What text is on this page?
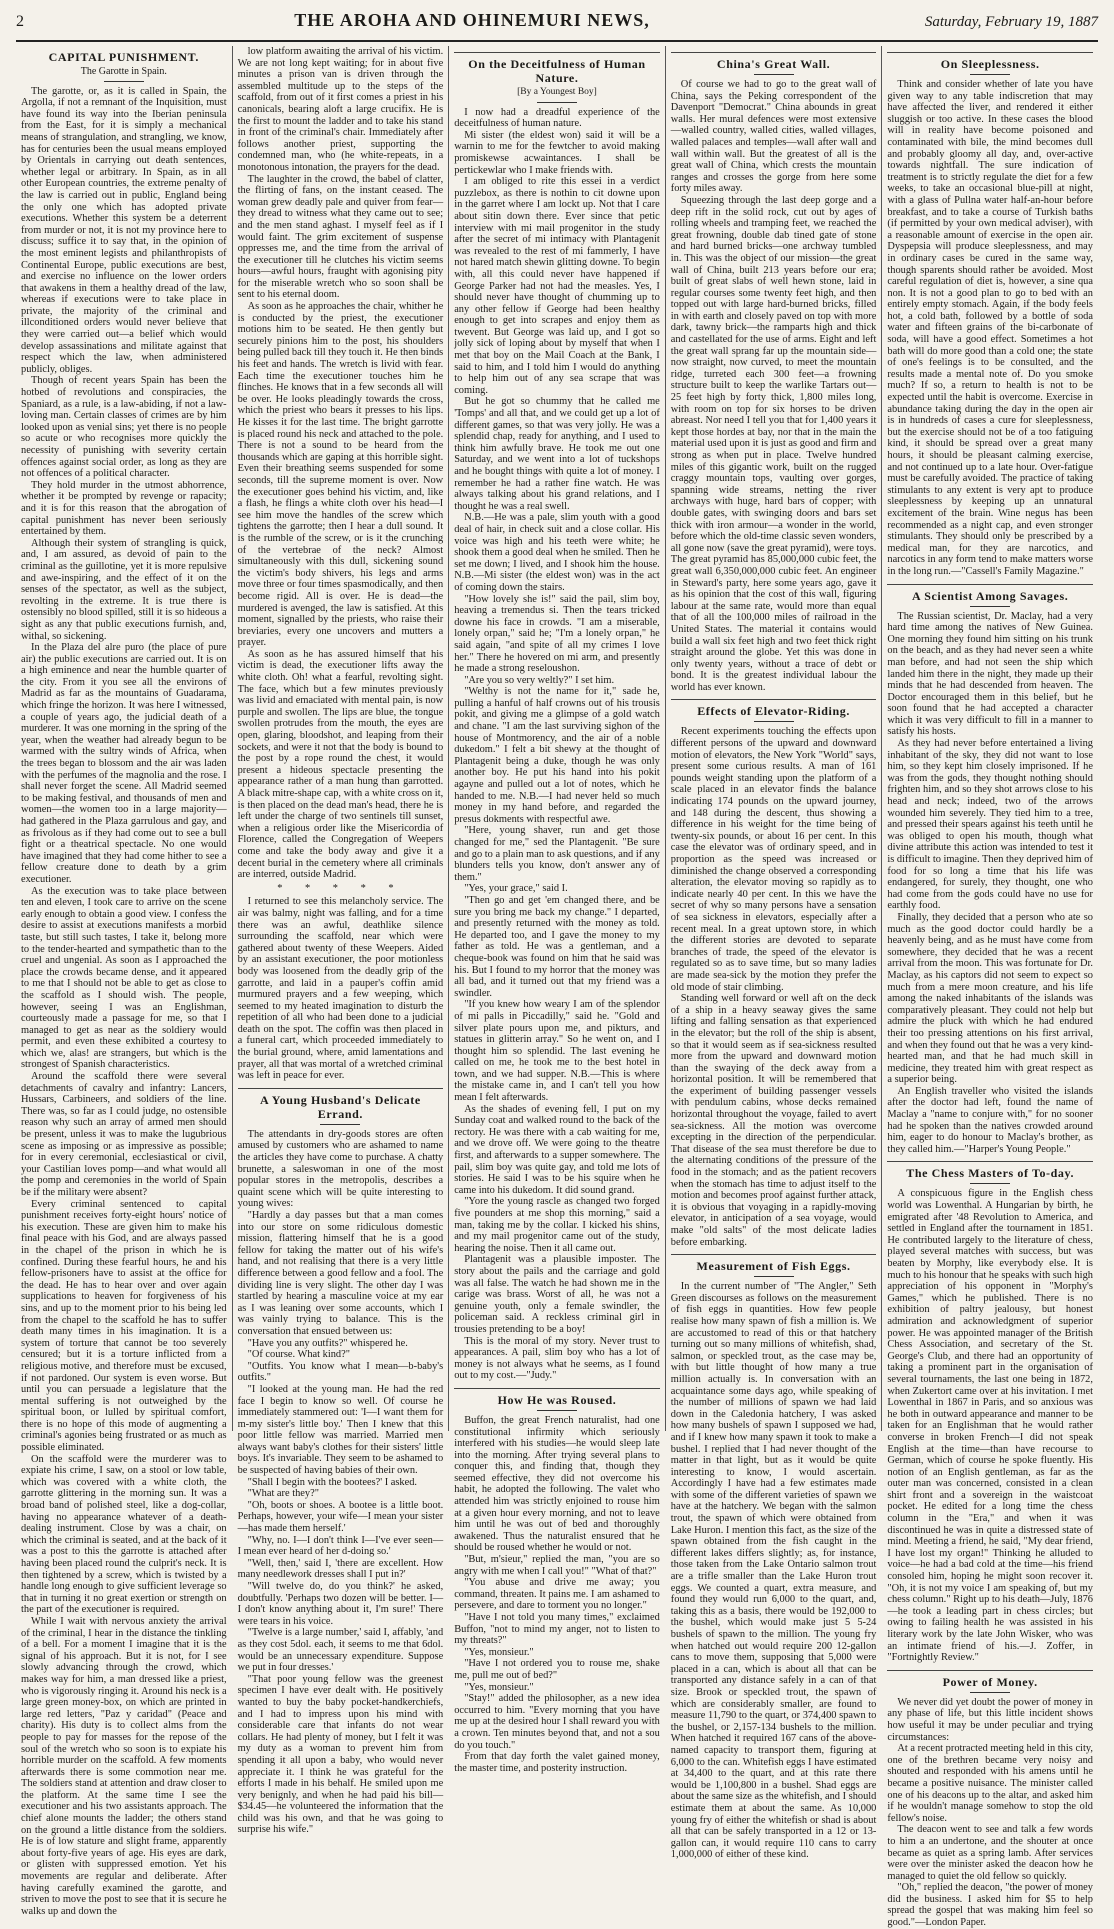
2	THE AROHA AND OHINEMURI NEWS,	Saturday, February 19, 1887
CAPITAL PUNISHMENT.
The Garotte in Spain.

The garotte, or, as it is called in Spain, the Argolla, if not a remnant of the Inquisition, must have found its way into the Iberian peninsula from the East, for it is simply a mechanical means of strangulation, and strangling, we know, has for centuries been the usual means employed by Orientals in carrying out death sentences, whether legal or arbitrary. In Spain, as in all other European countries, the extreme penalty of the law is carried out in public, England being the only one which has adopted private executions. Whether this system be a deterrent from murder or not, it is not my province here to discuss; suffice it to say that, in the opinion of the most eminent legists and philanthropists of Continental Europe, public executions are best, and exercise no influence on the lower orders that awakens in them a healthy dread of the law, whereas if executions were to take place in private, the majority of the criminal and illconditioned orders would never believe that they were carried out—a belief which would develop assassinations and militate against that respect which the law, when administered publicly, obliges.

Though of recent years Spain has been the hotbed of revolutions and conspiracies, the Spaniard, as a rule, is a law-abiding, if not a law-loving man. Certain classes of crimes are by him looked upon as venial sins; yet there is no people so acute or who recognises more quickly the necessity of punishing with severity certain offences against social order, as long as they are not offences of a political character.

They hold murder in the utmost abhorrence, whether it be prompted by revenge or rapacity; and it is for this reason that the abrogation of capital punishment has never been seriously entertained by them.

Although their system of strangling is quick, and, I am assured, as devoid of pain to the criminal as the guillotine, yet it is more repulsive and awe-inspiring, and the effect of it on the senses of the spectator, as well as the subject, revolting in the extreme. It is true there is ostensibly no blood spilled, still it is so hideous a sight as any that public executions furnish, and, withal, so sickening.

In the Plaza del alre puro (the place of pure air) the public executions are carried out. It is on a high eminence and near the humble quarter of the city. From it you see all the environs of Madrid as far as the mountains of Guadarama, which fringe the horizon. It was here I witnessed, a couple of years ago, the judicial death of a murderer. It was one morning in the spring of the year, when the weather had already begun to be warmed with the sultry winds of Africa, when the trees began to blossom and the air was laden with the perfumes of the magnolia and the rose. I shall never forget the scene. All Madrid seemed to be making festival, and thousands of men and women—the women too in a large majority—had gathered in the Plaza garrulous and gay, and as frivolous as if they had come out to see a bull fight or a theatrical spectacle. No one would have imagined that they had come hither to see a fellow creature done to death by a grim executioner.

As the execution was to take place between ten and eleven, I took care to arrive on the scene early enough to obtain a good view. I confess the desire to assist at executions manifests a morbid taste, but still such tastes, I take it, belong more to the tender-hearted and sympathetic than to the cruel and ungenial. As soon as I approached the place the crowds became dense, and it appeared to me that I should not be able to get as close to the scaffold as I should wish. The people, however, seeing I was an Englishman, courteously made a passage for me, so that I managed to get as near as the soldiery would permit, and even these exhibited a courtesy to which we, alas! are strangers, but which is the strongest of Spanish characteristics.

Around the scaffold there were several detachments of cavalry and infantry: Lancers, Hussars, Carbineers, and soldiers of the line. There was, so far as I could judge, no ostensible reason why such an array of armed men should be present, unless it was to make the lugubrious scene as imposing or as impressive as possible; for in every ceremonial, ecclesiastical or civil, your Castilian loves pomp—and what would all the pomp and ceremonies in the world of Spain be if the military were absent?

Every criminal sentenced to capital punishment receives forty-eight hours' notice of his execution. These are given him to make his final peace with his God, and are always passed in the chapel of the prison in which he is confined. During these fearful hours, he and his fellow-prisoners have to assist at the office for the dead. He has to hear over and over again supplications to heaven for forgiveness of his sins, and up to the moment prior to his being led from the chapel to the scaffold he has to suffer death many times in his imagination. It is a system of torture that cannot be too severely censured; but it is a torture inflicted from a religious motive, and therefore must be excused, if not pardoned. Our system is even worse. But until you can persuade a legislature that the mental suffering is not outweighed by the spiritual boon, or lulled by spiritual comfort, there is no hope of this mode of augmenting a criminal's agonies being frustrated or as much as possible eliminated.

On the scaffold were the murderer was to expiate his crime, I saw, on a stool or low table, which was covered with a white cloth, the garrotte glittering in the morning sun. It was a broad band of polished steel, like a dog-collar, having no appearance whatever of a death-dealing instrument. Close by was a chair, on which the criminal is seated, and at the back of it was a post to this the garrotte is attached after having been placed round the culprit's neck. It is then tightened by a screw, which is twisted by a handle long enough to give sufficient leverage so that in turning it no great exertion or strength on the part of the executioner is required.

While I wait with nervous anxiety the arrival of the criminal, I hear in the distance the tinkling of a bell. For a moment I imagine that it is the signal of his approach. But it is not, for I see slowly advancing through the crowd, which makes way for him, a man dressed like a priest, who is vigorously ringing it. Around his neck is a large green money-box, on which are printed in large red letters, "Paz y caridad" (Peace and charity). His duty is to collect alms from the people to pay for masses for the repose of the soul of the wretch who so soon is to expiate his horrible murder on the scaffold. A few moments afterwards there is some commotion near me. The soldiers stand at attention and draw closer to the platform. At the same time I see the executioner and his two assistants approach. The chief alone mounts the ladder; the others stand on the ground a little distance from the soldiers. He is of low stature and slight frame, apparently about forty-five years of age. His eyes are dark, or glisten with suppressed emotion. Yet his movements are regular and deliberate. After having carefully examined the garotte, and striven to move the post to see that it is secure he walks up and down the

low platform awaiting the arrival of his victim. We are not long kept waiting; for in about five minutes a prison van is driven through the assembled multitude up to the steps of the scaffold, from out of it first comes a priest in his canonicals, bearing aloft a large crucifix. He is the first to mount the ladder and to take his stand in front of the criminal's chair. Immediately after follows another priest, supporting the condemned man, who (he white-repeats, in a monotonous intonation, the prayers for the dead.

The laughter in the crowd, the babel of clatter, the flirting of fans, on the instant ceased. The woman grew deadly pale and quiver from fear—they dread to witness what they came out to see; and the men stand aghast. I myself feel as if I would faint. The grim excitement of suspense oppresses me, and the time from the arrival of the executioner till he clutches his victim seems hours—awful hours, fraught with agonising pity for the miserable wretch who so soon shall be sent to his eternal doom.

As soon as he approaches the chair, whither he is conducted by the priest, the executioner motions him to be seated. He then gently but securely pinions him to the post, his shoulders being pulled back till they touch it. He then binds his feet and hands. The wretch is livid with fear. Each time the executioner touches him he flinches. He knows that in a few seconds all will be over. He looks pleadingly towards the cross, which the priest who bears it presses to his lips. He kisses it for the last time. The bright garrotte is placed round his neck and attached to the pole. There is not a sound to be heard from the thousands which are gaping at this horrible sight. Even their breathing seems suspended for some seconds, till the supreme moment is over. Now the executioner goes behind his victim, and, like a flash, he flings a white cloth over his head—I see him move the handles of the screw which tightens the garrotte; then I hear a dull sound. It is the rumble of the screw, or is it the crunching of the vertebrae of the neck? Almost simultaneously with this dull, sickening sound the victim's body shivers, his legs and arms move three or four times spasmodically, and then become rigid. All is over. He is dead—the murdered is avenged, the law is satisfied. At this moment, signalled by the priests, who raise their breviaries, every one uncovers and mutters a prayer.

As soon as he has assured himself that his victim is dead, the executioner lifts away the white cloth. Oh! what a fearful, revolting sight. The face, which but a few minutes previously was livid and emaciated with mental pain, is now purple and swollen. The lips are blue, the tongue swollen protrudes from the mouth, the eyes are open, glaring, bloodshot, and leaping from their sockets, and were it not that the body is bound to the post by a rope round the chest, it would present a hideous spectacle presenting the appearance rather of a man hung than garrotted. A black mitre-shape cap, with a white cross on it, is then placed on the dead man's head, there he is left under the charge of two sentinels till sunset, when a religious order like the Misericordia of Florence, called the Congregation of Weepers come and take the body away and give it a decent burial in the cemetery where all criminals are interred, outside Madrid.

* * * * *

I returned to see this melancholy service. The air was balmy, night was falling, and for a time there was an awful, deathlike silence surrounding the scaffold, near which were gathered about twenty of these Weepers. Aided by an assistant executioner, the poor motionless body was loosened from the deadly grip of the garrotte, and laid in a pauper's coffin amid murmured prayers and a few weeping, which seemed to my heated imagination to disturb the repetition of all who had been done to a judicial death on the spot. The coffin was then placed in a funeral cart, which proceeded immediately to the burial ground, where, amid lamentations and prayer, all that was mortal of a wretched criminal was left in peace for ever.

A Young Husband's Delicate Errand.

The attendants in dry-goods stores are often amused by customers who are ashamed to name the articles they have come to purchase. A chatty brunette, a saleswoman in one of the most popular stores in the metropolis, describes a quaint scene which will be quite interesting to young wives:

"Hardly a day passes but that a man comes into our store on some ridiculous domestic mission, flattering himself that he is a good fellow for taking the matter out of his wife's hand, and not realising that there is a very little difference between a good fellow and a fool. The dividing line is very slight. The other day I was startled by hearing a masculine voice at my ear as I was leaning over some accounts, which I was vainly trying to balance. This is the conversation that ensued between us:

"Have you any outfits?" whispered he.

"Of course. What kind?"

"Outfits. You know what I mean—b-baby's outfits."

"I looked at the young man. He had the red face I begin to know so well. Of course he immediately stammered out: 'I—I want them for m-my sister's little boy.' Then I knew that this poor little fellow was married. Married men always want baby's clothes for their sisters' little boys. It's invariable. They seem to be ashamed to be suspected of having babies of their own.

"Shall I begin with the bootees?' I asked.

"What are they?"

"Oh, boots or shoes. A bootee is a little boot. Perhaps, however, your wife—I mean your sister—has made them herself.'

"Why, no. I—I don't think I—I've ever seen—I mean ever heard of her d-doing so.'

"Well, then,' said I, 'there are excellent. How many needlework dresses shall I put in?'

"Will twelve do, do you think?' he asked, doubtfully. 'Perhaps two dozen will be better. I—I don't know anything about it, I'm sure!' There were tears in his voice.

"Twelve is a large number,' said I, affably, 'and as they cost 5dol. each, it seems to me that 6dol. would be an unnecessary expenditure. Suppose we put in four dresses.'

"That poor young fellow was the greenest specimen I have ever dealt with. He positively wanted to buy the baby pocket-handkerchiefs, and I had to impress upon his mind with considerable care that infants do not wear collars. He had plenty of money, but I felt it was my duty as a woman to prevent him from spending it all upon a baby, who would never appreciate it. I think he was grateful for the efforts I made in his behalf. He smiled upon me very benignly, and when he had paid his bill—$34.45—he volunteered the information that the child was his own, and that he was going to surprise his wife."

On the Deceitfulness of Human Nature.
[By a Youngest Boy]

I now had a dreadful experience of the deceitfulness of human nature.

Mi sister (the eldest won) said it will be a warnin to me for the fewtcher to avoid making promiskewse acwaintances. I shall be pertickewlar who I make friends with.

I am obliged to rite this essei in a verdict puzzlebox, as there is nothin to cit downe upon in the garret where I am lockt up. Not that I care about sitin down there. Ever since that petic interview with mi mail progenitor in the study after the secret of mi intimacy with Plantagenit was revealed to the rest of mi fammerly, I have not hared match shewin glitting downe. To begin with, all this could never have happened if George Parker had not had the measles. Yes, I should never have thought of chumming up to any other fellow if George had been healthy enough to get into scrapes and enjoy them as twevent. But George was laid up, and I got so jolly sick of loping about by myself that when I met that boy on the Mail Coach at the Bank, I said to him, and I told him I would do anything to help him out of any sea scrape that was coming.

But he got so chummy that he called me 'Tomps' and all that, and we could get up a lot of different games, so that was very jolly. He was a splendid chap, ready for anything, and I used to think him awfully brave. He took me out one Saturday, and we went into a lot of tuckshops and he bought things with quite a lot of money. I remember he had a rather fine watch. He was always talking about his grand relations, and I thought he was a real swell.

N.B.—He was a pale, slim youth with a good deal of hair, in check suit and a close collar. His voice was high and his teeth were white; he shook them a good deal when he smiled. Then he set me down; I lived, and I shook him the house. N.B.—Mi sister (the eldest won) was in the act of coming down the stairs.

"How lovely she is!" said the pail, slim boy, heaving a tremendus si. Then the tears tricked downe his face in crowds. "I am a miserable, lonely orpan," said he; "I'm a lonely orpan," he said again, "and spite of all my crimes I love her." There he hovered on mi arm, and presently he made a strong reseloushon.

"Are you so very weltly?" I set him.

"Welthy is not the name for it," sade he, pulling a hanful of half crowns out of his trousis pokit, and giving me a glimpse of a gold watch and chane. "I am the last surviving sighon of the house of Montmorency, and the air of a noble dukedom." I felt a bit shewy at the thought of Plantagenit being a duke, though he was only another boy. He put his hand into his pokit agayne and pulled out a lot of notes, which he handed to me. N.B.—I had never held so much money in my hand before, and regarded the presus dokments with respectful awe.

"Here, young shaver, run and get those changed for me," sed the Plantagenit. "Be sure and go to a plain man to ask questions, and if any blunders tells you know, don't answer any of them."

"Yes, your grace," said I.

"Then go and get 'em changed there, and be sure you bring me back my change." I departed, and presently returned with the money as told. He departed too, and I gave the money to my father as told. He was a gentleman, and a cheque-book was found on him that he said was his. But I found to my horror that the money was all bad, and it turned out that my friend was a swindler.

"If you knew how weary I am of the splendor of mi palls in Piccadilly," said he. "Gold and silver plate pours upon me, and pikturs, and statues in glitterin array." So he went on, and I thought him so splendid. The last evening he called on me, he took me to the best hotel in town, and we had supper. N.B.—This is where the mistake came in, and I can't tell you how mean I felt afterwards.

As the shades of evening fell, I put on my Sunday coat and walked round to the back of the rectory. He was there with a cab waiting for me, and we drove off. We were going to the theatre first, and afterwards to a supper somewhere. The pail, slim boy was quite gay, and told me lots of stories. He said I was to be his squire when he came into his dukedom. It did sound grand.

"Yore the young rascle as changed two forged five pounders at me shop this morning," said a man, taking me by the collar. I kicked his shins, and my mail progenitor came out of the study, hearing the noise. Then it all came out.

Plantagenit was a plausible imposter. The story about the pails and the carriage and gold was all false. The watch he had shown me in the carige was brass. Worst of all, he was not a genuine youth, only a female swindler, the policeman said. A reckless criminal girl in trousies pretending to be a boy!

This is the moral of my story. Never trust to appearances. A pail, slim boy who has a lot of money is not always what he seems, as I found out to my cost.—"Judy."

How He was Roused.

Buffon, the great French naturalist, had one constitutional infirmity which seriously interfered with his studies—he would sleep late into the morning. After trying several plans to conquer this, and finding that, though they seemed effective, they did not overcome his habit, he adopted the following. The valet who attended him was strictly enjoined to rouse him at a given hour every morning, and not to leave him until he was out of bed and thoroughly awakened. Thus the naturalist ensured that he should be roused whether he would or not.

"But, m'sieur," replied the man, "you are so angry with me when I call you!" "What of that?"

"You abuse and drive me away; you command, threaten. It pains me. I am ashamed to persevere, and dare to torment you no longer."

"Have I not told you many times," exclaimed Buffon, "not to mind my anger, not to listen to my threats?"

"Yes, monsieur."

"Have I not ordered you to rouse me, shake me, pull me out of bed?"

"Yes, monsieur."

"Stay!" added the philosopher, as a new idea occurred to him. "Every morning that you have me up at the desired hour I shall reward you with a crown. Ten minutes beyond that, and not a sou do you touch."

From that day forth the valet gained money, the master time, and posterity instruction.

China's Great Wall.

Of course we had to go to the great wall of China, says the Peking correspondent of the Davenport "Democrat." China abounds in great walls. Her mural defences were most extensive—walled country, walled cities, walled villages, walled palaces and temples—wall after wall and wall within wall. But the greatest of all is the great wall of China, which crests the mountain ranges and crosses the gorge from here some forty miles away.

Squeezing through the last deep gorge and a deep rift in the solid rock, cut out by ages of rolling wheels and tramping feet, we reached the great frowning, double dab tined gate of stone and hard burned bricks—one archway tumbled in. This was the object of our mission—the great wall of China, built 213 years before our era; built of great slabs of well hewn stone, laid in regular courses some twenty feet high, and then topped out with large hard-burned bricks, filled in with earth and closely paved on top with more dark, tawny brick—the ramparts high and thick and castellated for the use of arms. Eight and left the great wall sprang far up the mountain side—now straight, now curved, to meet the mountain ridge, turreted each 300 feet—a frowning structure built to keep the warlike Tartars out—25 feet high by forty thick, 1,800 miles long, with room on top for six horses to be driven abreast. Nor need I tell you that for 1,400 years it kept those hordes at bay, nor that in the main the material used upon it is just as good and firm and strong as when put in place. Twelve hundred miles of this gigantic work, built on the rugged craggy mountain tops, vaulting over gorges, spanning wide streams, netting the river archways with huge, hard bars of copper; with double gates, with swinging doors and bars set thick with iron armour—a wonder in the world, before which the old-time classic seven wonders, all gone now (save the great pyramid), were toys. The great pyramid has 85,000,000 cubic feet, the great wall 6,350,000,000 cubic feet. An engineer in Steward's party, here some years ago, gave it as his opinion that the cost of this wall, figuring labour at the same rate, would more than equal that of all the 100,000 miles of railroad in the United States. The material it contains would build a wall six feet high and two feet thick right straight around the globe. Yet this was done in only twenty years, without a trace of debt or bond. It is the greatest individual labour the world has ever known.

Effects of Elevator-Riding.

Recent experiments touching the effects upon different persons of the upward and downward motion of elevators, the New York "World" says, present some curious results. A man of 161 pounds weight standing upon the platform of a scale placed in an elevator finds the balance indicating 174 pounds on the upward journey, and 148 during the descent, thus showing a difference in his weight for the time being of twenty-six pounds, or about 16 per cent. In this case the elevator was of ordinary speed, and in proportion as the speed was increased or diminished the change observed a corresponding alteration, the elevator moving so rapidly as to indicate nearly 40 per cent. In this we have the secret of why so many persons have a sensation of sea sickness in elevators, especially after a recent meal. In a great uptown store, in which the different stories are devoted to separate branches of trade, the speed of the elevator is regulated so as to save time, but so many ladies are made sea-sick by the motion they prefer the old mode of stair climbing.

Standing well forward or well aft on the deck of a ship in a heavy seaway gives the same lifting and falling sensation as that experienced in the elevator; but the roll of the ship is absent, so that it would seem as if sea-sickness resulted more from the upward and downward motion than the swaying of the deck away from a horizontal position. It will be remembered that the experiment of building passenger vessels with pendulum cabins, whose decks remained horizontal throughout the voyage, failed to avert sea-sickness. All the motion was overcome excepting in the direction of the perpendicular. That disease of the sea must therefore be due to the alternating conditions of the pressure of the food in the stomach; and as the patient recovers when the stomach has time to adjust itself to the motion and becomes proof against further attack, it is obvious that voyaging in a rapidly-moving elevator, in anticipation of a sea voyage, would make "old salts" of the most delicate ladies before embarking.

Measurement of Fish Eggs.

In the current number of "The Angler," Seth Green discourses as follows on the measurement of fish eggs in quantities. How few people realise how many spawn of fish a million is. We are accustomed to read of this or that hatchery turning out so many millions of whitefish, shad, salmon, or speckled trout, as the case may be, with but little thought of how many a true million actually is. In conversation with an acquaintance some days ago, while speaking of the number of millions of spawn we had laid down in the Caledonia hatchery, I was asked how many bushels of spawn I supposed we had, and if I knew how many spawn it took to make a bushel. I replied that I had never thought of the matter in that light, but as it would be quite interesting to know, I would ascertain. Accordingly I have had a few estimates made with some of the different varieties of spawn we have at the hatchery. We began with the salmon trout, the spawn of which were obtained from Lake Huron. I mention this fact, as the size of the spawn obtained from the fish caught in the different lakes differs slightly; as, for instance, those taken from the Lake Ontario salmon trout are a trifle smaller than the Lake Huron trout eggs. We counted a quart, extra measure, and found they would run 6,000 to the quart, and, taking this as a basis, there would be 192,000 to the bushel, which would make just 5 5-24 bushels of spawn to the million. The young fry when hatched out would require 200 12-gallon cans to move them, supposing that 5,000 were placed in a can, which is about all that can be transported any distance safely in a can of that size. Brook or speckled trout, the spawn of which are considerably smaller, are found to measure 11,790 to the quart, or 374,400 spawn to the bushel, or 2,157-134 bushels to the million. When hatched it required 167 cans of the above-named capacity to transport them, figuring at 6,000 to the can. Whitefish eggs I have estimated at 34,400 to the quart, and at this rate there would be 1,100,800 in a bushel. Shad eggs are about the same size as the whitefish, and I should estimate them at about the same. As 10,000 young fry of either the whitefish or shad is about all that can be safely transported in a 12 or 13-gallon can, it would require 110 cans to carry 1,000,000 of either of these kind.

On Sleeplessness.

Think and consider whether of late you have given way to any table indiscretion that may have affected the liver, and rendered it either sluggish or too active. In these cases the blood will in reality have become poisoned and contaminated with bile, the mind becomes dull and probably gloomy all day, and, over-active towards nightfall. The sure indication of treatment is to strictly regulate the diet for a few weeks, to take an occasional blue-pill at night, with a glass of Pullna water half-an-hour before breakfast, and to take a course of Turkish baths (if permitted by your own medical adviser), with a reasonable amount of exercise in the open air. Dyspepsia will produce sleeplessness, and may in ordinary cases be cured in the same way, though sparents should rather be avoided. Most careful regulation of diet is, however, a sine qua non. It is not a good plan to go to bed with an entirely empty stomach. Again, if the body feels hot, a cold bath, followed by a bottle of soda water and fifteen grains of the bi-carbonate of soda, will have a good effect. Sometimes a hot bath will do more good than a cold one; the state of one's feelings is to be consulted, and the results made a mental note of. Do you smoke much? If so, a return to health is not to be expected until the habit is overcome. Exercise in abundance taking during the day in the open air is in hundreds of cases a cure for sleeplessness, but the exercise should not be of a too fatiguing kind, it should be spread over a great many hours, it should be pleasant calming exercise, and not continued up to a late hour. Over-fatigue must be carefully avoided. The practice of taking stimulants to any extent is very apt to produce sleeplessness by keeping up an unnatural excitement of the brain. Wine negus has been recommended as a night cap, and even stronger stimulants. They should only be prescribed by a medical man, for they are narcotics, and narcotics in any form tend to make matters worse in the long run.—"Cassell's Family Magazine."

A Scientist Among Savages.

The Russian scientist, Dr. Maclay, had a very hard time among the natives of New Guinea. One morning they found him sitting on his trunk on the beach, and as they had never seen a white man before, and had not seen the ship which landed him there in the night, they made up their minds that he had descended from heaven. The Doctor encouraged them in this belief, but he soon found that he had accepted a character which it was very difficult to fill in a manner to satisfy his hosts.

As they had never before entertained a living inhabitant of the sky, they did not want to lose him, so they kept him closely imprisoned. If he was from the gods, they thought nothing should frighten him, and so they shot arrows close to his head and neck; indeed, two of the arrows wounded him severely. They tied him to a tree, and pressed their spears against his teeth until he was obliged to open his mouth, though what divine attribute this action was intended to test it is difficult to imagine. Then they deprived him of food for so long a time that his life was endangered, for surely, they thought, one who had come from the gods could have no use for earthly food.

Finally, they decided that a person who ate so much as the good doctor could hardly be a heavenly being, and as he must have come from somewhere, they decided that he was a recent arrival from the moon. This was fortunate for Dr. Maclay, as his captors did not seem to expect so much from a mere moon creature, and his life among the naked inhabitants of the islands was comparatively pleasant. They could not help but admire the pluck with which he had endured their too pressing attentions on his first arrival, and when they found out that he was a very kind-hearted man, and that he had much skill in medicine, they treated him with great respect as a superior being.

An English traveller who visited the islands after the doctor had left, found the name of Maclay a "name to conjure with," for no sooner had he spoken than the natives crowded around him, eager to do honour to Maclay's brother, as they called him.—"Harper's Young People."

The Chess Masters of To-day.

A conspicuous figure in the English chess world was Lowenthal. A Hungarian by birth, he emigrated after '48 Revolution to America, and settled in England after the tournament in 1851. He contributed largely to the literature of chess, played several matches with success, but was beaten by Morphy, like everybody else. It is much to his honour that he speaks with such high appreciation of his opponent in "Morphy's Games," which he published. There is no exhibition of paltry jealousy, but honest admiration and acknowledgment of superior power. He was appointed manager of the British Chess Association, and secretary of the St. George's Club, and there had an opportunity of taking a prominent part in the organisation of several tournaments, the last one being in 1872, when Zukertort came over at his invitation. I met Lowenthal in 1867 in Paris, and so anxious was he both in outward appearance and manner to be taken for an Englishman that he would rather converse in broken French—I did not speak English at the time—than have recourse to German, which of course he spoke fluently. His notion of an English gentleman, as far as the outer man was concerned, consisted in a clean shirt front and a sovereign in the waistcoat pocket. He edited for a long time the chess column in the "Era," and when it was discontinued he was in quite a distressed state of mind. Meeting a friend, he said, "My dear friend, I have lost my organ!" Thinking he alluded to voice—he had a bad cold at the time—his friend consoled him, hoping he might soon recover it. "Oh, it is not my voice I am speaking of, but my chess column." Right up to his death—July, 1876—he took a leading part in chess circles; but owing to failing health he was assisted in his literary work by the late John Wisker, who was an intimate friend of his.—J. Zoffer, in "Fortnightly Review."

Power of Money.

We never did yet doubt the power of money in any phase of life, but this little incident shows how useful it may be under peculiar and trying circumstances:

At a recent protracted meeting held in this city, one of the brethren became very noisy and shouted and responded with his amens until he became a positive nuisance. The minister called one of his deacons up to the altar, and asked him if he wouldn't manage somehow to stop the old fellow's noise.

The deacon went to see and talk a few words to him a an undertone, and the shouter at once became as quiet as a spring lamb. After services were over the minister asked the deacon how he managed to quiet the old fellow so quickly.

"Oh," replied the deacon, "the power of money did the business. I asked him for $5 to help spread the gospel that was making him feel so good."—London Paper.
